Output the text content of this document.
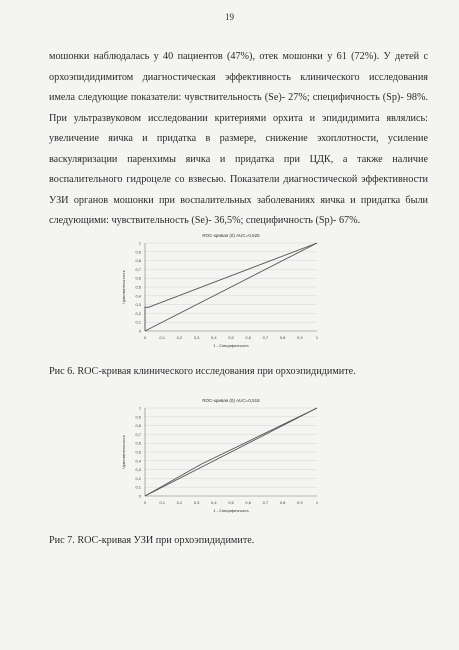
19

мошонки наблюдалась у 40 пациентов (47%), отек мошонки у 61 (72%). У детей с орхоэпидидимитом диагностическая эффективность клинического исследования имела следующие показатели: чувствительность (Se)- 27%; специфичность (Sp)- 98%. При ультразвуковом исследовании критериями орхита и эпидидимита являлись: увеличение яичка и придатка в размере, снижение эхоплотности, усиление васкуляризации паренхимы яичка и придатка при ЦДК, а также наличие воспалительного гидроцеле со взвесью. Показатели диагностической эффективности УЗИ органов мошонки при воспалительных заболеваниях яичка и придатка были следующими: чувствительность (Se)- 36,5%; специфичность (Sp)- 67%.

ROC-кривая (0) AUC=0,625
0
0,1
0,2
0,3
0,4
0,5
0,6
0,7
0,8
0,9
1
0	0,1	0,2	0,3	0,4	0,5	0,6	0,7	0,8	0,9	1
1 - Специфичность
Чувствительность

Рис 6. ROC-кривая клинического исследования при орхоэпидидимите.

ROC-кривая (0) AUC=0,518
0
0,1
0,2
0,3
0,4
0,5
0,6
0,7
0,8
0,9
1
0	0,1	0,2	0,3	0,4	0,5	0,6	0,7	0,8	0,9	1
1 - Специфичность
Чувствительность

Рис 7. ROC-кривая УЗИ при орхоэпидидимите.
